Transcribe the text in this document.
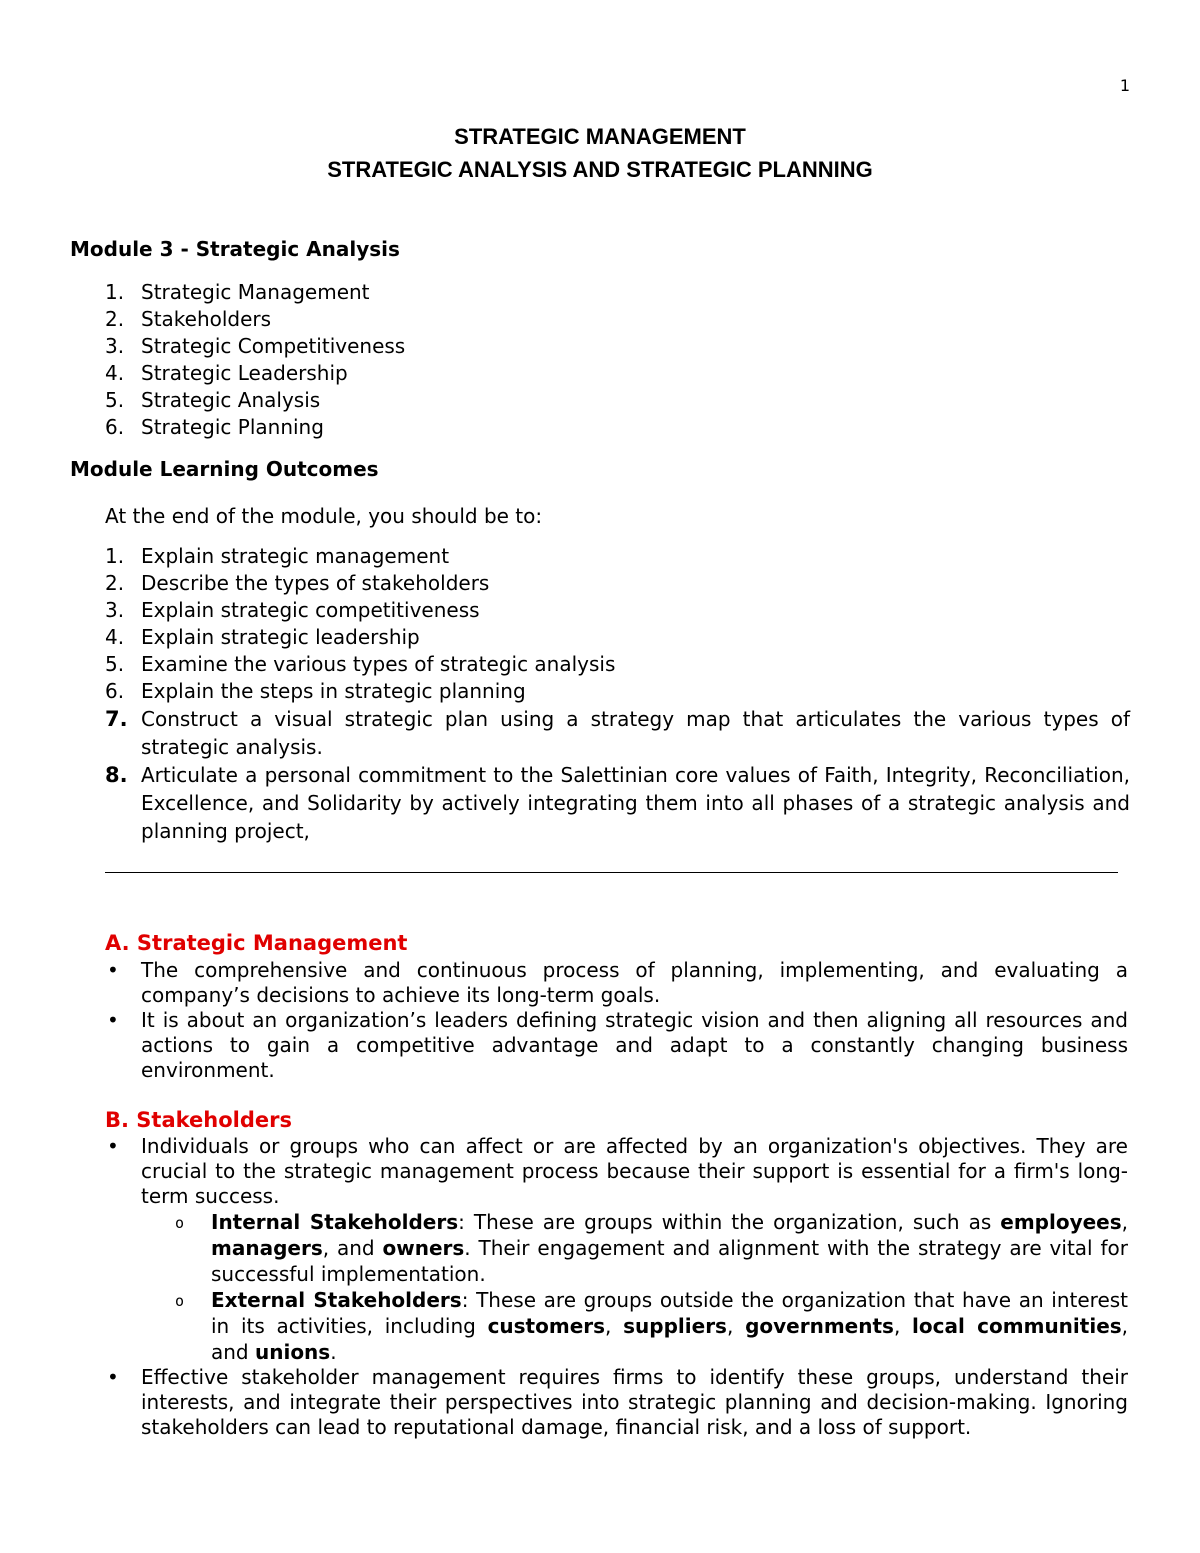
1
STRATEGIC MANAGEMENT
STRATEGIC ANALYSIS AND STRATEGIC PLANNING
Module 3 - Strategic Analysis
1. Strategic Management
2. Stakeholders
3. Strategic Competitiveness
4. Strategic Leadership
5. Strategic Analysis
6. Strategic Planning
Module Learning Outcomes
At the end of the module, you should be to:
1. Explain strategic management
2. Describe the types of stakeholders
3. Explain strategic competitiveness
4. Explain strategic leadership
5. Examine the various types of strategic analysis
6. Explain the steps in strategic planning
7. Construct a visual strategic plan using a strategy map that articulates the various types of strategic analysis.
8. Articulate a personal commitment to the Salettinian core values of Faith, Integrity, Reconciliation, Excellence, and Solidarity by actively integrating them into all phases of a strategic analysis and planning project,
A. Strategic Management
• The comprehensive and continuous process of planning, implementing, and evaluating a company’s decisions to achieve its long-term goals.
• It is about an organization’s leaders defining strategic vision and then aligning all resources and actions to gain a competitive advantage and adapt to a constantly changing business environment.
B. Stakeholders
• Individuals or groups who can affect or are affected by an organization's objectives. They are crucial to the strategic management process because their support is essential for a firm's long-term success.
o Internal Stakeholders: These are groups within the organization, such as employees, managers, and owners. Their engagement and alignment with the strategy are vital for successful implementation.
o External Stakeholders: These are groups outside the organization that have an interest in its activities, including customers, suppliers, governments, local communities, and unions.
• Effective stakeholder management requires firms to identify these groups, understand their interests, and integrate their perspectives into strategic planning and decision-making. Ignoring stakeholders can lead to reputational damage, financial risk, and a loss of support.
